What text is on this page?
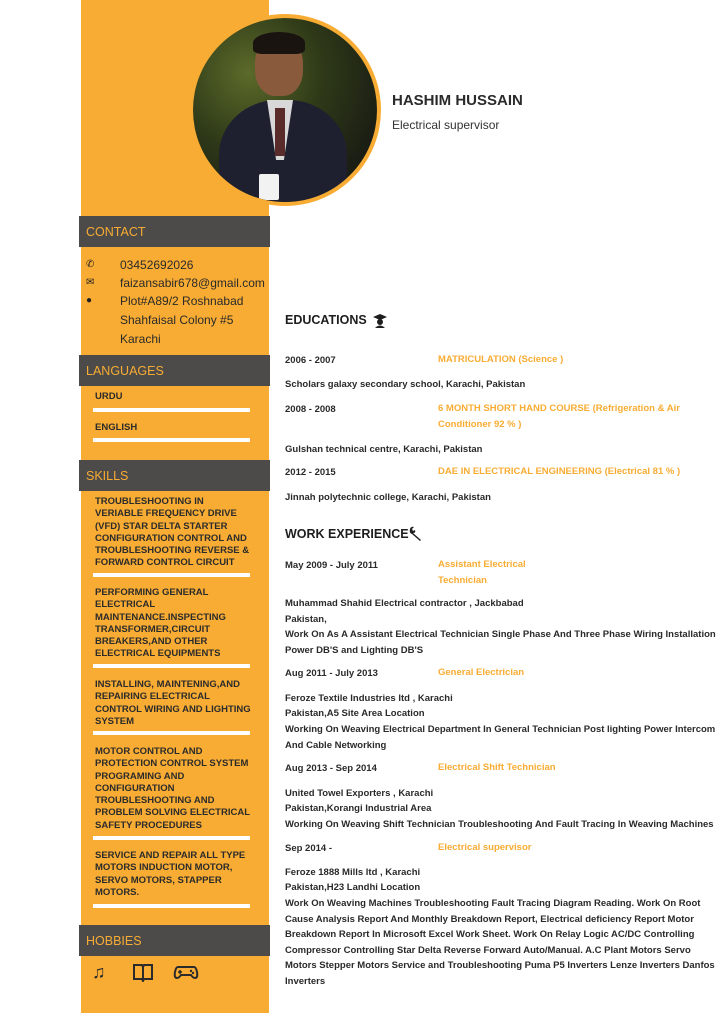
HASHIM HUSSAIN
Electrical supervisor
CONTACT
✆	03452692026
✉	faizansabir678@gmail.com
●	Plot#A89/2 Roshnabad
Shahfaisal Colony #5
Karachi
LANGUAGES
URDU
ENGLISH
SKILLS
TROUBLESHOOTING IN VERIABLE FREQUENCY DRIVE (VFD) STAR DELTA STARTER CONFIGURATION CONTROL AND TROUBLESHOOTING REVERSE & FORWARD CONTROL CIRCUIT
PERFORMING GENERAL ELECTRICAL MAINTENANCE.INSPECTING TRANSFORMER,CIRCUIT BREAKERS,AND OTHER ELECTRICAL EQUIPMENTS
INSTALLING, MAINTENING,AND REPAIRING ELECTRICAL CONTROL WIRING AND LIGHTING SYSTEM
MOTOR CONTROL AND PROTECTION CONTROL SYSTEM PROGRAMING AND CONFIGURATION TROUBLESHOOTING AND PROBLEM SOLVING ELECTRICAL SAFETY PROCEDURES
SERVICE AND REPAIR ALL TYPE MOTORS INDUCTION MOTOR, SERVO MOTORS, STAPPER MOTORS.
HOBBIES
♫
EDUCATIONS
2006 - 2007	MATRICULATION (Science )
Scholars galaxy secondary school, Karachi, Pakistan
2008 - 2008	6 MONTH SHORT HAND COURSE (Refrigeration & Air Conditioner 92 % )
Gulshan technical centre, Karachi, Pakistan
2012 - 2015	DAE IN ELECTRICAL ENGINEERING (Electrical 81 % )
Jinnah polytechnic college, Karachi, Pakistan
WORK EXPERIENCE
May 2009 - July 2011	Assistant Electrical Technician
Muhammad Shahid Electrical contractor , Jackbabad
Pakistan,
Work On As A Assistant Electrical Technician Single Phase And Three Phase Wiring Installation Power DB'S and Lighting DB'S
Aug 2011 - July 2013	General Electrician
Feroze Textile Industries ltd , Karachi
Pakistan,A5 Site Area Location
Working On Weaving Electrical Department In General Technician Post lighting Power Intercom And Cable Networking
Aug 2013 - Sep 2014	Electrical Shift Technician
United Towel Exporters , Karachi
Pakistan,Korangi Industrial Area
Working On Weaving Shift Technician Troubleshooting And Fault Tracing In Weaving Machines
Sep 2014 -	Electrical supervisor
Feroze 1888 Mills ltd , Karachi
Pakistan,H23 Landhi Location
Work On Weaving Machines Troubleshooting Fault Tracing Diagram Reading. Work On Root Cause Analysis Report And Monthly Breakdown Report, Electrical deficiency Report Motor Breakdown Report In Microsoft Excel Work Sheet. Work On Relay Logic AC/DC Controlling Compressor Controlling Star Delta Reverse Forward Auto/Manual. A.C Plant Motors Servo Motors Stepper Motors Service and Troubleshooting Puma P5 Inverters Lenze Inverters Danfos Inverters
